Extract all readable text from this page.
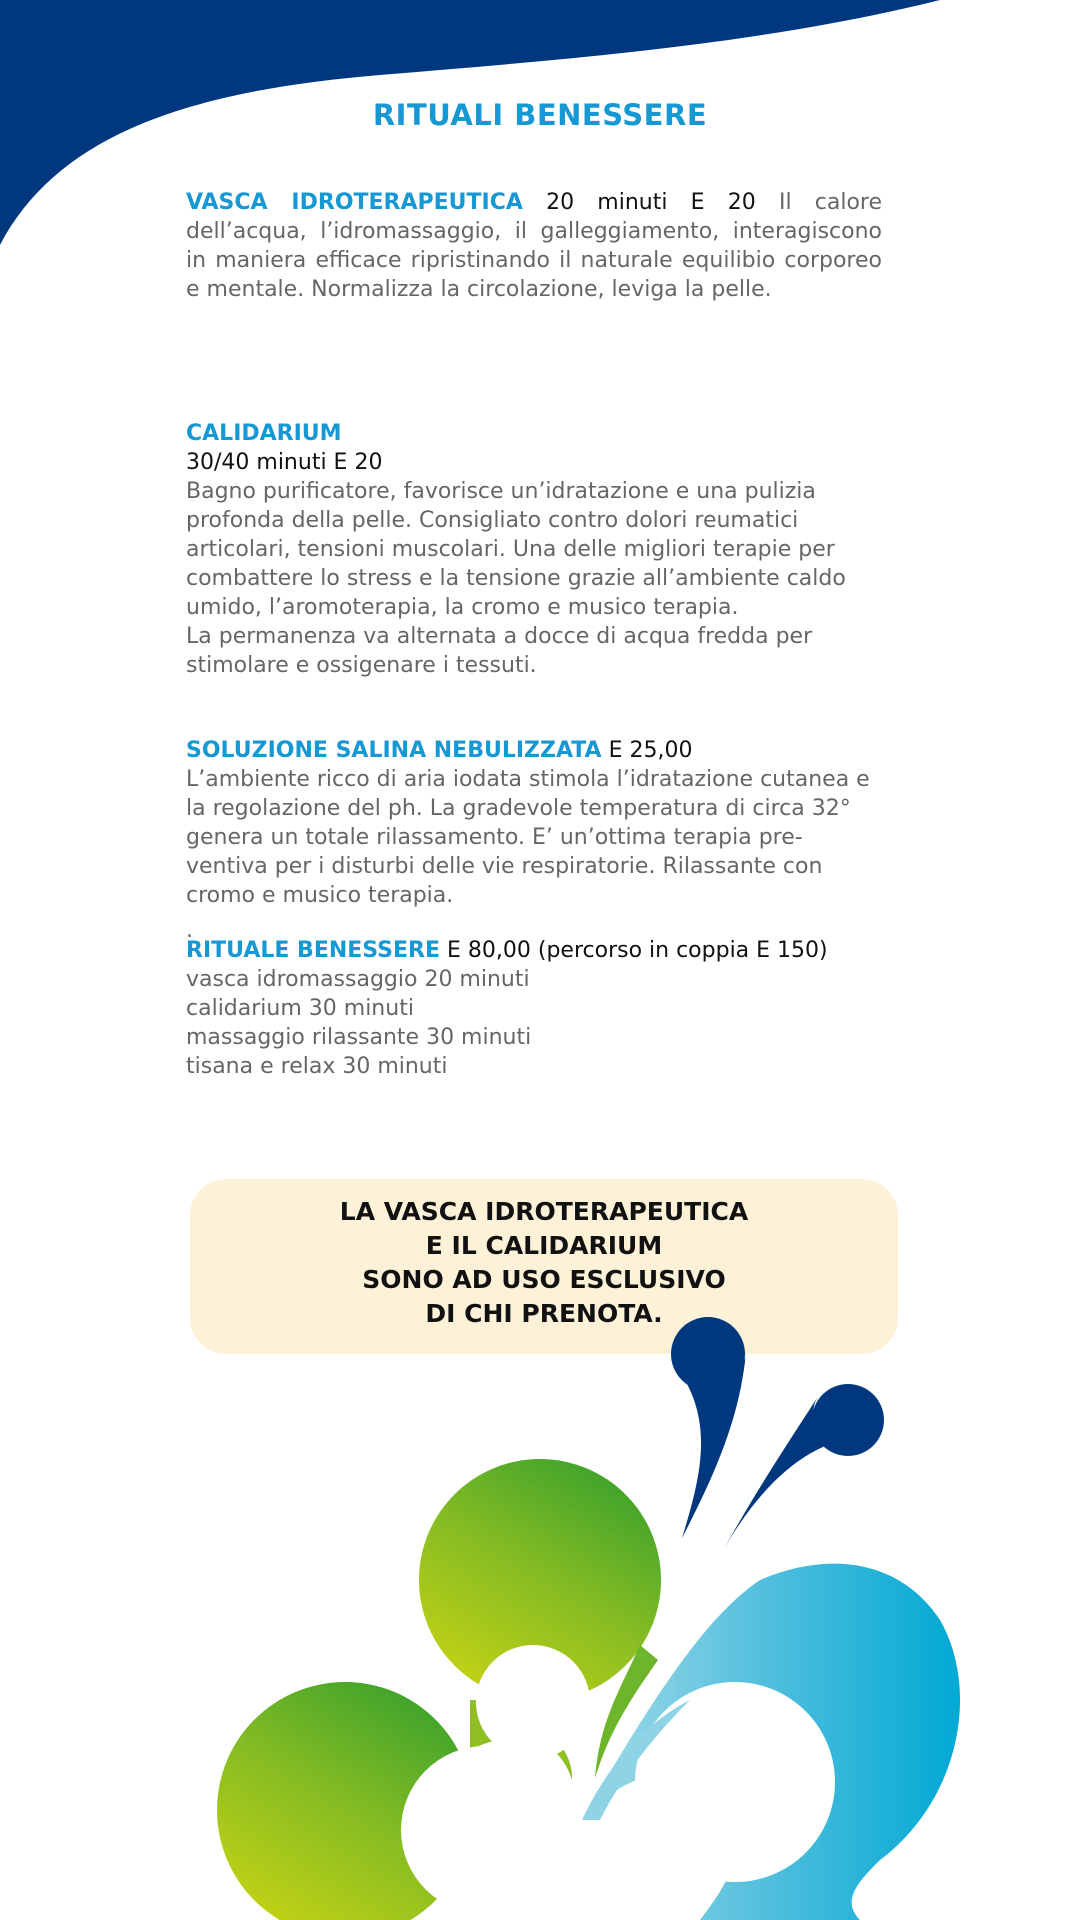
RITUALI BENESSERE
VASCA IDROTERAPEUTICA 20 minuti E 20 Il calore dell’acqua, l’idromassaggio, il galleggiamento, interagiscono in maniera efficace ripristinando il naturale equilibio corporeo e mentale. Normalizza la circolazione, leviga la pelle.
CALIDARIUM
30/40 minuti E 20
Bagno purificatore, favorisce un’idratazione e una pulizia profonda della pelle. Consigliato contro dolori reumatici articolari, tensioni muscolari. Una delle migliori terapie per combattere lo stress e la tensione grazie all’ambiente caldo umido, l’aromoterapia, la cromo e musico terapia.
La permanenza va alternata a docce di acqua fredda per stimolare e ossigenare i tessuti.
SOLUZIONE SALINA NEBULIZZATA E 25,00
L’ambiente ricco di aria iodata stimola l’idratazione cutanea e la regolazione del ph. La gradevole temperatura di circa 32° genera un totale rilassamento. E’ un’ottima terapia pre-ventiva per i disturbi delle vie respiratorie. Rilassante con cromo e musico terapia.
.
RITUALE BENESSERE E 80,00 (percorso in coppia E 150)
vasca idromassaggio 20 minuti
calidarium 30 minuti
massaggio rilassante 30 minuti
tisana e relax 30 minuti
LA VASCA IDROTERAPEUTICA
E IL CALIDARIUM
SONO AD USO ESCLUSIVO
DI CHI PRENOTA.
